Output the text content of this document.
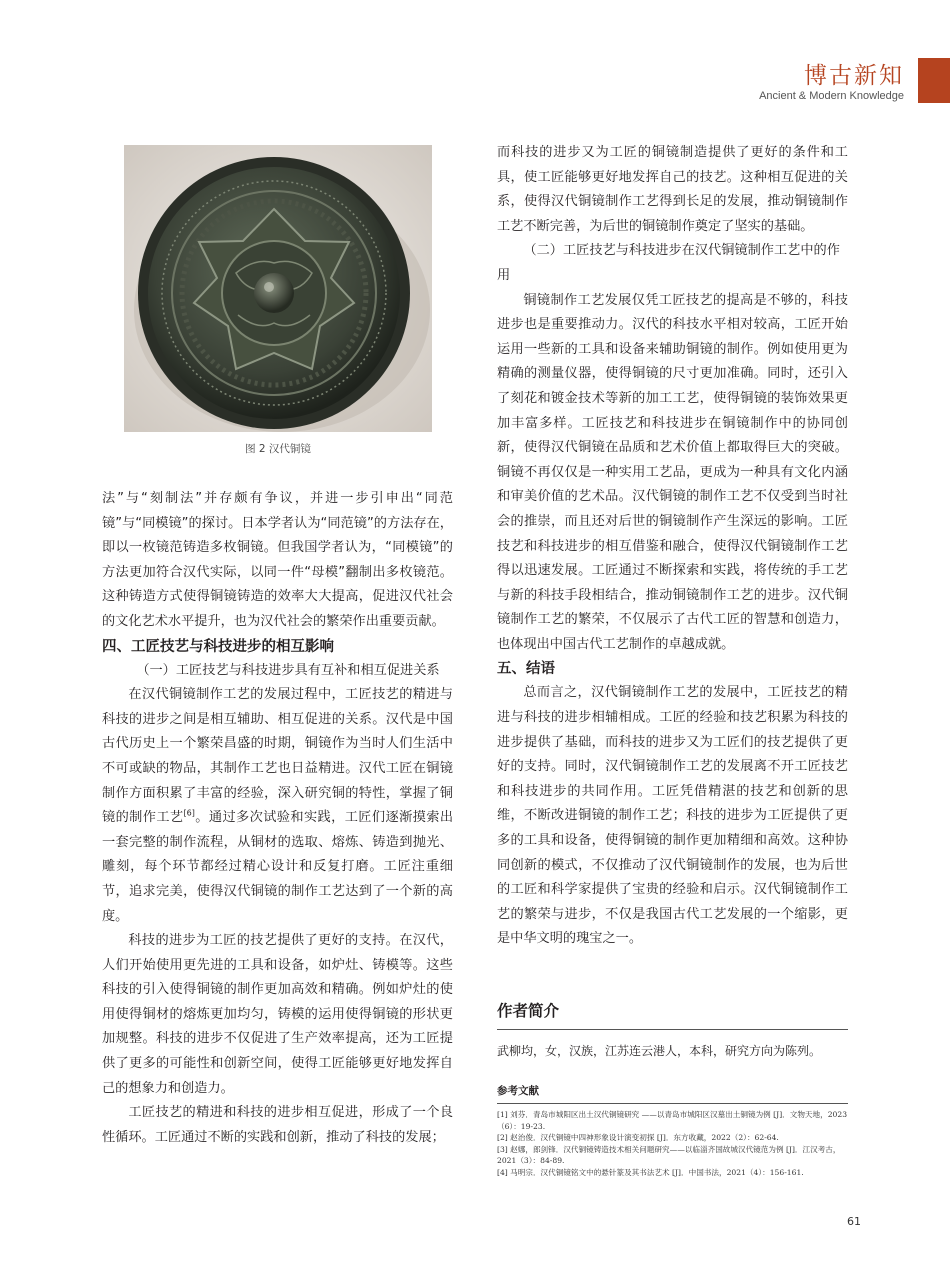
博古新知
Ancient & Modern Knowledge
图 2 汉代铜镜

法”与“刻制法”并存颇有争议，并进一步引申出“同范镜”与“同模镜”的探讨。日本学者认为“同范镜”的方法存在，即以一枚镜范铸造多枚铜镜。但我国学者认为，“同模镜”的方法更加符合汉代实际，以同一件“母模”翻制出多枚镜范。这种铸造方式使得铜镜铸造的效率大大提高，促进汉代社会的文化艺术水平提升，也为汉代社会的繁荣作出重要贡献。

四、工匠技艺与科技进步的相互影响
（一）工匠技艺与科技进步具有互补和相互促进关系

在汉代铜镜制作工艺的发展过程中，工匠技艺的精进与科技的进步之间是相互辅助、相互促进的关系。汉代是中国古代历史上一个繁荣昌盛的时期，铜镜作为当时人们生活中不可或缺的物品，其制作工艺也日益精进。汉代工匠在铜镜制作方面积累了丰富的经验，深入研究铜的特性，掌握了铜镜的制作工艺[6]。通过多次试验和实践，工匠们逐渐摸索出一套完整的制作流程，从铜材的选取、熔炼、铸造到抛光、雕刻，每个环节都经过精心设计和反复打磨。工匠注重细节，追求完美，使得汉代铜镜的制作工艺达到了一个新的高度。

科技的进步为工匠的技艺提供了更好的支持。在汉代，人们开始使用更先进的工具和设备，如炉灶、铸模等。这些科技的引入使得铜镜的制作更加高效和精确。例如炉灶的使用使得铜材的熔炼更加均匀，铸模的运用使得铜镜的形状更加规整。科技的进步不仅促进了生产效率提高，还为工匠提供了更多的可能性和创新空间，使得工匠能够更好地发挥自己的想象力和创造力。

工匠技艺的精进和科技的进步相互促进，形成了一个良性循环。工匠通过不断的实践和创新，推动了科技的发展；

而科技的进步又为工匠的铜镜制造提供了更好的条件和工具，使工匠能够更好地发挥自己的技艺。这种相互促进的关系，使得汉代铜镜制作工艺得到长足的发展，推动铜镜制作工艺不断完善，为后世的铜镜制作奠定了坚实的基础。

（二）工匠技艺与科技进步在汉代铜镜制作工艺中的作用

铜镜制作工艺发展仅凭工匠技艺的提高是不够的，科技进步也是重要推动力。汉代的科技水平相对较高，工匠开始运用一些新的工具和设备来辅助铜镜的制作。例如使用更为精确的测量仪器，使得铜镜的尺寸更加准确。同时，还引入了刻花和镀金技术等新的加工工艺，使得铜镜的装饰效果更加丰富多样。工匠技艺和科技进步在铜镜制作中的协同创新，使得汉代铜镜在品质和艺术价值上都取得巨大的突破。铜镜不再仅仅是一种实用工艺品，更成为一种具有文化内涵和审美价值的艺术品。汉代铜镜的制作工艺不仅受到当时社会的推崇，而且还对后世的铜镜制作产生深远的影响。工匠技艺和科技进步的相互借鉴和融合，使得汉代铜镜制作工艺得以迅速发展。工匠通过不断探索和实践，将传统的手工艺与新的科技手段相结合，推动铜镜制作工艺的进步。汉代铜镜制作工艺的繁荣，不仅展示了古代工匠的智慧和创造力，也体现出中国古代工艺制作的卓越成就。

五、结语

总而言之，汉代铜镜制作工艺的发展中，工匠技艺的精进与科技的进步相辅相成。工匠的经验和技艺积累为科技的进步提供了基础，而科技的进步又为工匠们的技艺提供了更好的支持。同时，汉代铜镜制作工艺的发展离不开工匠技艺和科技进步的共同作用。工匠凭借精湛的技艺和创新的思维，不断改进铜镜的制作工艺；科技的进步为工匠提供了更多的工具和设备，使得铜镜的制作更加精细和高效。这种协同创新的模式，不仅推动了汉代铜镜制作的发展，也为后世的工匠和科学家提供了宝贵的经验和启示。汉代铜镜制作工艺的繁荣与进步，不仅是我国古代工艺发展的一个缩影，更是中华文明的瑰宝之一。

作者简介
武柳均，女，汉族，江苏连云港人，本科，研究方向为陈列。
参考文献
[1] 刘芬．青岛市城阳区出土汉代铜镜研究 ——以青岛市城阳区汉墓出土铜镜为例 [J]．文物天地，2023（6）：19-23.
[2] 赵治俊．汉代铜镜中四神形象设计演变初探 [J]．东方收藏，2022（2）：62-64.
[3] 赵娜，郎剑锋．汉代铜镜铸造技术相关问题研究——以临淄齐国故城汉代镜范为例 [J]．江汉考古，2021（3）：84-89.
[4] 马明宗．汉代铜镜铭文中的悬针篆及其书法艺术 [J]．中国书法，2021（4）：156-161.
61
